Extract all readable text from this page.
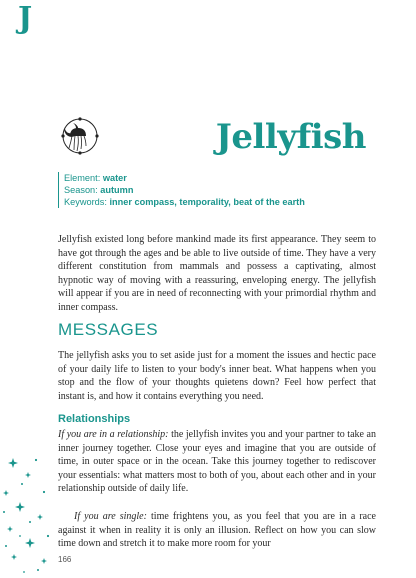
J
Jellyfish
Element: water
Season: autumn
Keywords: inner compass, temporality, beat of the earth

Jellyfish existed long before mankind made its first appearance. They seem to have got through the ages and be able to live outside of time. They have a very different constitution from mammals and possess a captivating, almost hypnotic way of moving with a reassuring, enveloping energy. The jellyfish will appear if you are in need of reconnecting with your primordial rhythm and inner compass.

MESSAGES

The jellyfish asks you to set aside just for a moment the issues and hectic pace of your daily life to listen to your body's inner beat. What happens when you stop and the flow of your thoughts quietens down? Feel how perfect that instant is, and how it contains everything you need.

Relationships

If you are in a relationship: the jellyfish invites you and your partner to take an inner journey together. Close your eyes and imagine that you are outside of time, in outer space or in the ocean. Take this journey together to rediscover your essentials: what matters most to both of you, about each other and in your relationship outside of daily life.

If you are single: time frightens you, as you feel that you are in a race against it when in reality it is only an illusion. Reflect on how you can slow time down and stretch it to make more room for your

166
